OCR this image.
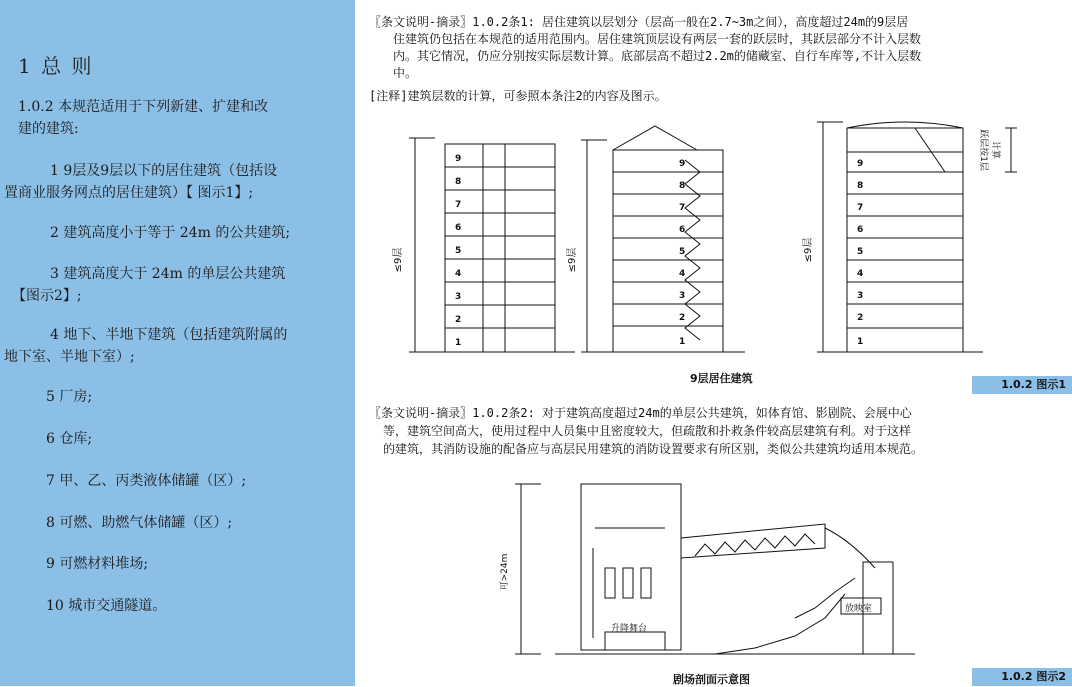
1 总 则
1.0.2 本规范适用于下列新建、扩建和改
建的建筑:
1 9层及9层以下的居住建筑（包括设
置商业服务网点的居住建筑）【 图示1】;
2 建筑高度小于等于 24m 的公共建筑;
3 建筑高度大于 24m 的单层公共建筑
【图示2】;
4 地下、半地下建筑（包括建筑附属的
地下室、半地下室）;
5 厂房;
6 仓库;
7 甲、乙、丙类液体储罐（区）;
8 可燃、助燃气体储罐（区）;
9 可燃材料堆场;
10 城市交通隧道。
〖条文说明-摘录〗1.0.2条1: 居住建筑以层划分（层高一般在2.7~3m之间），高度超过24m的9层居
住建筑仍包括在本规范的适用范围内。居住建筑顶层设有两层一套的跃层时，其跃层部分不计入层数
内。其它情况，仍应分别按实际层数计算。底部层高不超过2.2m的储藏室、自行车库等,不计入层数
中。
[注释]建筑层数的计算，可参照本条注2的内容及图示。
9
8
7
6
5
4
3
2
1
9
8
7
6
5
4
3
2
1
9
8
7
6
5
4
3
2
1
≤9层	≤9层	≤9层
跃层按1层 计算
9层居住建筑	1.0.2 图示1
〖条文说明-摘录〗1.0.2条2: 对于建筑高度超过24m的单层公共建筑，如体育馆、影剧院、会展中心
等，建筑空间高大，使用过程中人员集中且密度较大，但疏散和扑救条件较高层建筑有利。对于这样
的建筑，其消防设施的配备应与高层民用建筑的消防设置要求有所区别，类似公共建筑均适用本规范。
可>24m
升降舞台
放映室
剧场剖面示意图	1.0.2 图示2
